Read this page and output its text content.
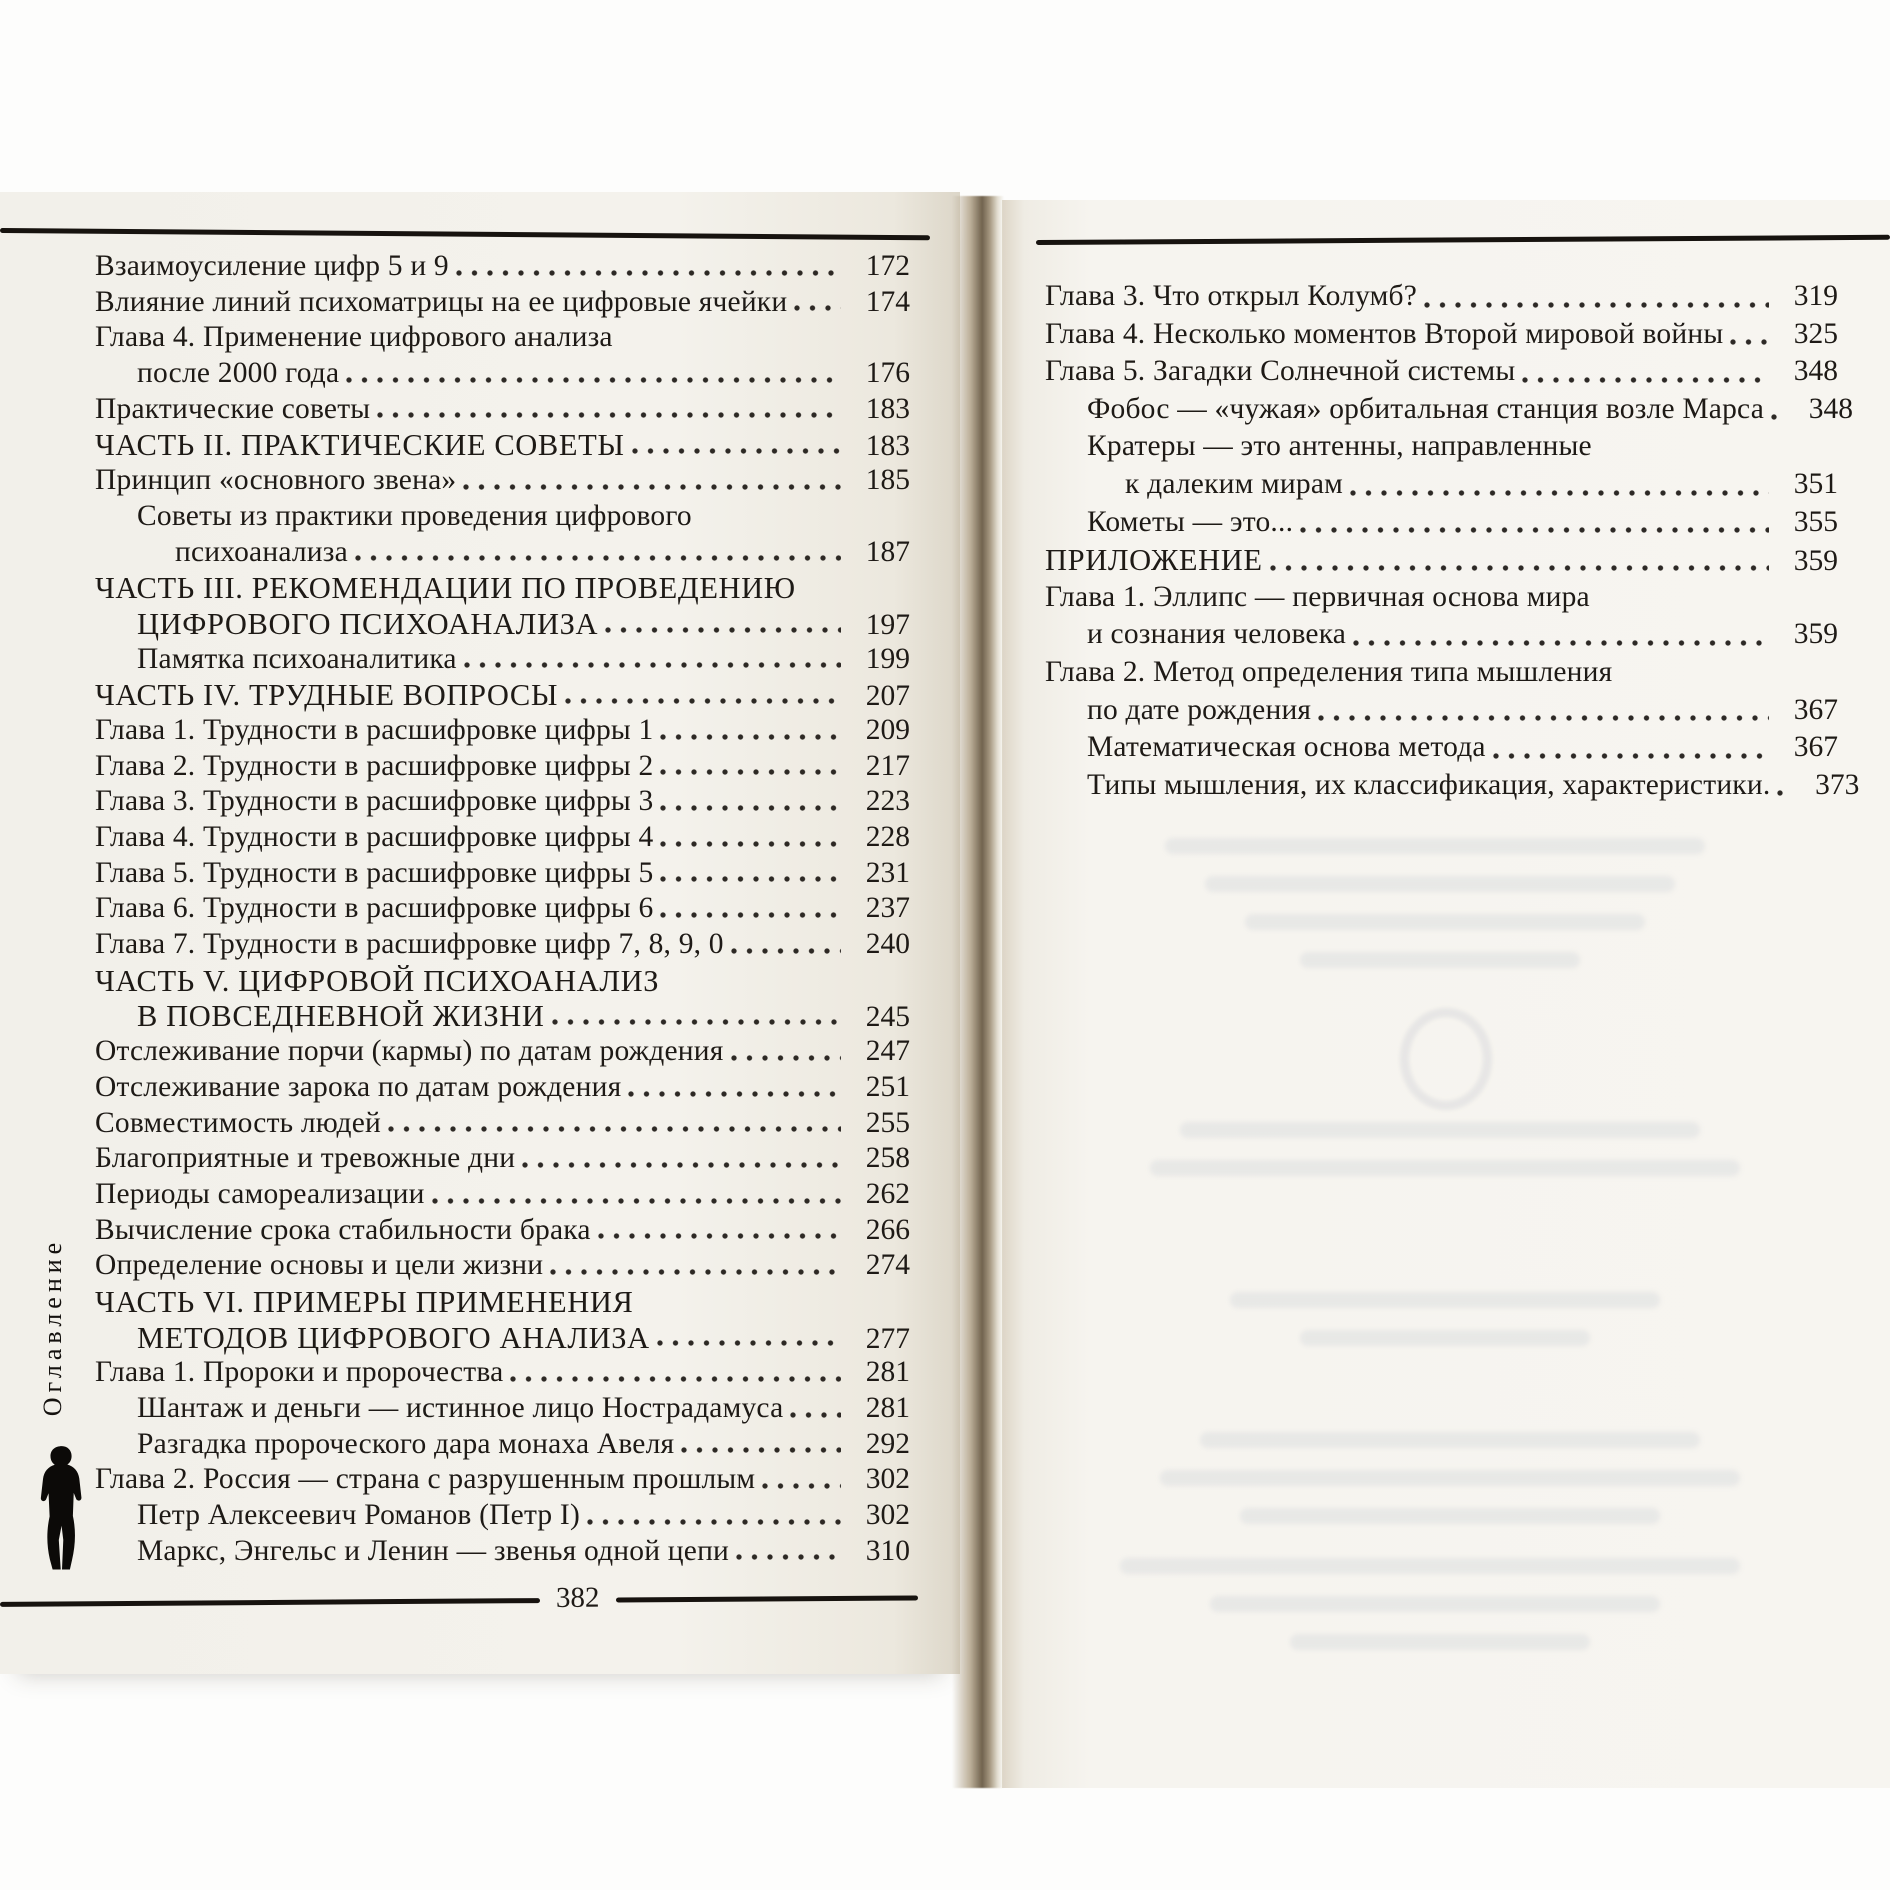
Взаимоусиление цифр 5 и 9	172
Влияние линий психоматрицы на ее цифровые ячейки	174
Глава 4. Применение цифрового анализа
после 2000 года	176
Практические советы	183
ЧАСТЬ II. ПРАКТИЧЕСКИЕ СОВЕТЫ	183
Принцип «основного звена»	185
Советы из практики проведения цифрового
психоанализа	187
ЧАСТЬ III. РЕКОМЕНДАЦИИ ПО ПРОВЕДЕНИЮ
ЦИФРОВОГО ПСИХОАНАЛИЗА	197
Памятка психоаналитика	199
ЧАСТЬ IV. ТРУДНЫЕ ВОПРОСЫ	207
Глава 1. Трудности в расшифровке цифры 1	209
Глава 2. Трудности в расшифровке цифры 2	217
Глава 3. Трудности в расшифровке цифры 3	223
Глава 4. Трудности в расшифровке цифры 4	228
Глава 5. Трудности в расшифровке цифры 5	231
Глава 6. Трудности в расшифровке цифры 6	237
Глава 7. Трудности в расшифровке цифр 7, 8, 9, 0	240
ЧАСТЬ V. ЦИФРОВОЙ ПСИХОАНАЛИЗ
В ПОВСЕДНЕВНОЙ ЖИЗНИ	245
Отслеживание порчи (кармы) по датам рождения	247
Отслеживание зарока по датам рождения	251
Совместимость людей	255
Благоприятные и тревожные дни	258
Периоды самореализации	262
Вычисление срока стабильности брака	266
Определение основы и цели жизни	274
ЧАСТЬ VI. ПРИМЕРЫ ПРИМЕНЕНИЯ
МЕТОДОВ ЦИФРОВОГО АНАЛИЗА	277
Глава 1. Пророки и пророчества	281
Шантаж и деньги — истинное лицо Нострадамуса	281
Разгадка пророческого дара монаха Авеля	292
Глава 2. Россия — страна с разрушенным прошлым	302
Петр Алексеевич Романов (Петр I)	302
Маркс, Энгельс и Ленин — звенья одной цепи	310
Глава 3. Что открыл Колумб?	319
Глава 4. Несколько моментов Второй мировой войны	325
Глава 5. Загадки Солнечной системы	348
Фобос — «чужая» орбитальная станция возле Марса	348
Кратеры — это антенны, направленные
к далеким мирам	351
Кометы — это...	355
ПРИЛОЖЕНИЕ	359
Глава 1. Эллипс — первичная основа мира
и сознания человека	359
Глава 2. Метод определения типа мышления
по дате рождения	367
Математическая основа метода	367
Типы мышления, их классификация, характеристики.	373
Оглавление
382
